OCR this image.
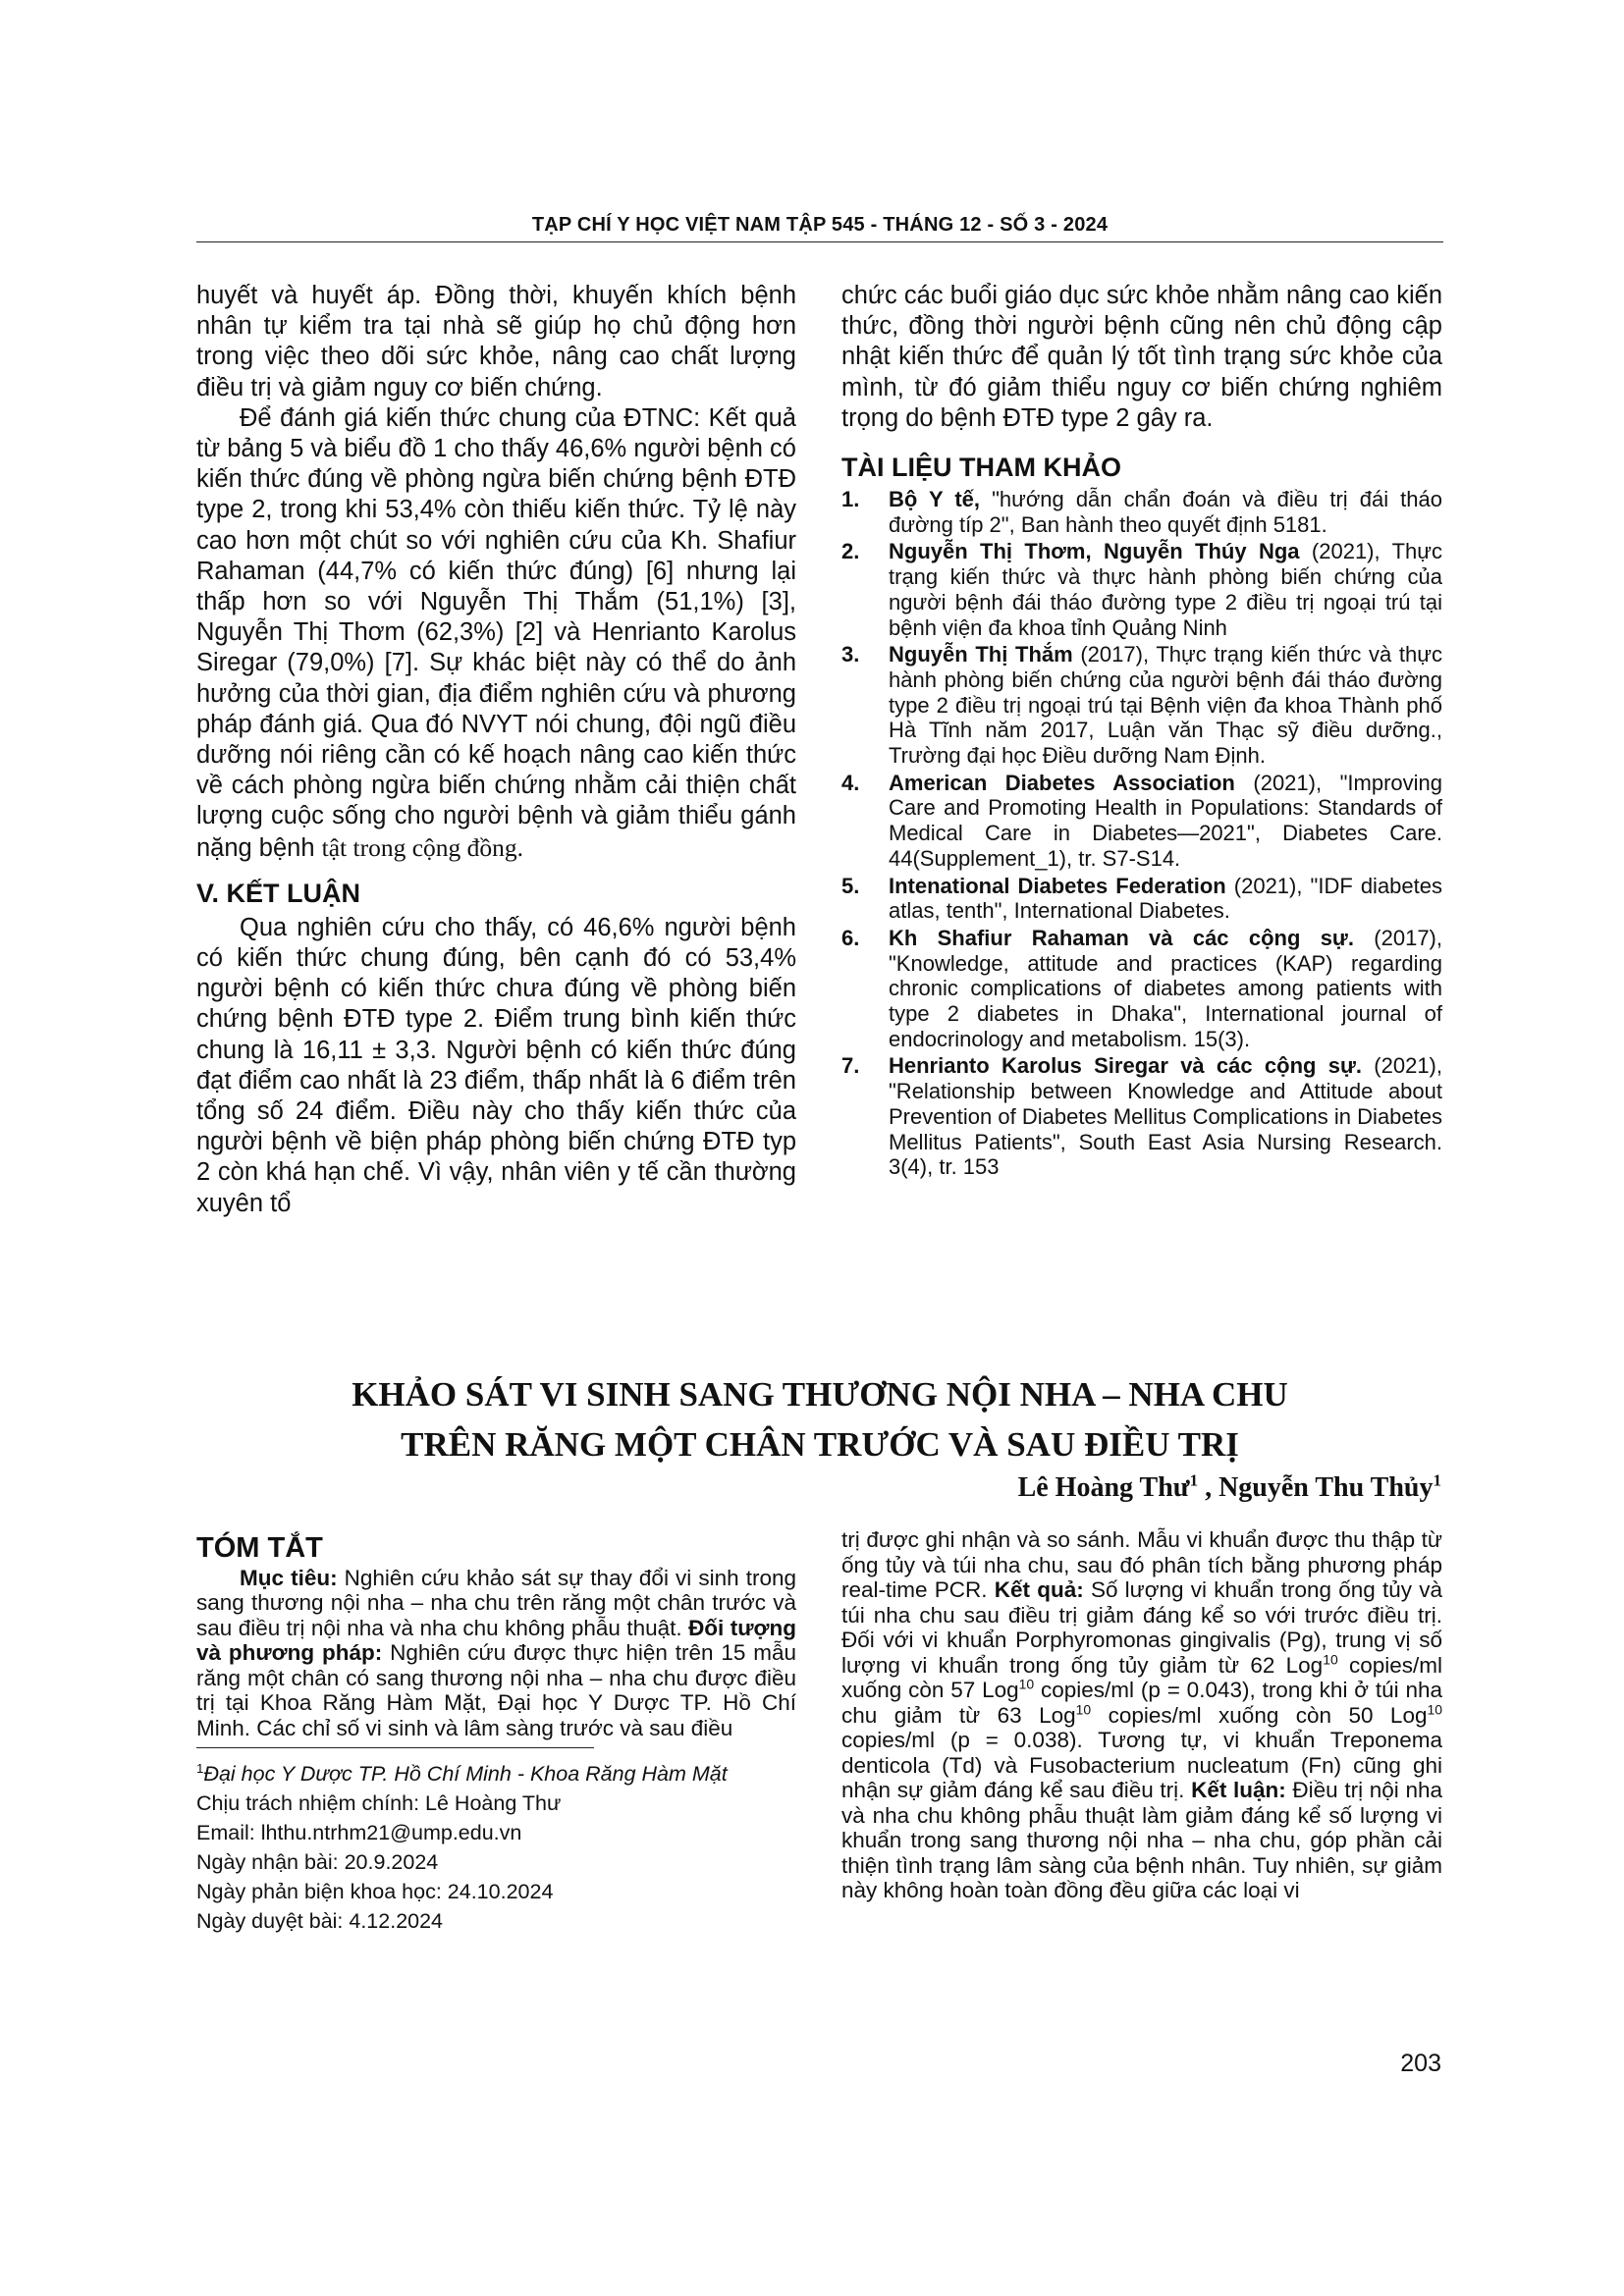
TẠP CHÍ Y HỌC VIỆT NAM TẬP 545 - THÁNG 12 - SỐ 3 - 2024

huyết và huyết áp. Đồng thời, khuyến khích bệnh nhân tự kiểm tra tại nhà sẽ giúp họ chủ động hơn trong việc theo dõi sức khỏe, nâng cao chất lượng điều trị và giảm nguy cơ biến chứng.

Để đánh giá kiến thức chung của ĐTNC: Kết quả từ bảng 5 và biểu đồ 1 cho thấy 46,6% người bệnh có kiến thức đúng về phòng ngừa biến chứng bệnh ĐTĐ type 2, trong khi 53,4% còn thiếu kiến thức. Tỷ lệ này cao hơn một chút so với nghiên cứu của Kh. Shafiur Rahaman (44,7% có kiến thức đúng) [6] nhưng lại thấp hơn so với Nguyễn Thị Thắm (51,1%) [3], Nguyễn Thị Thơm (62,3%) [2] và Henrianto Karolus Siregar (79,0%) [7]. Sự khác biệt này có thể do ảnh hưởng của thời gian, địa điểm nghiên cứu và phương pháp đánh giá. Qua đó NVYT nói chung, đội ngũ điều dưỡng nói riêng cần có kế hoạch nâng cao kiến thức về cách phòng ngừa biến chứng nhằm cải thiện chất lượng cuộc sống cho người bệnh và giảm thiểu gánh nặng bệnh tật trong cộng đồng.

V. KẾT LUẬN

Qua nghiên cứu cho thấy, có 46,6% người bệnh có kiến thức chung đúng, bên cạnh đó có 53,4% người bệnh có kiến thức chưa đúng về phòng biến chứng bệnh ĐTĐ type 2. Điểm trung bình kiến thức chung là 16,11 ± 3,3. Người bệnh có kiến thức đúng đạt điểm cao nhất là 23 điểm, thấp nhất là 6 điểm trên tổng số 24 điểm. Điều này cho thấy kiến thức của người bệnh về biện pháp phòng biến chứng ĐTĐ typ 2 còn khá hạn chế. Vì vậy, nhân viên y tế cần thường xuyên tổ

chức các buổi giáo dục sức khỏe nhằm nâng cao kiến thức, đồng thời người bệnh cũng nên chủ động cập nhật kiến thức để quản lý tốt tình trạng sức khỏe của mình, từ đó giảm thiểu nguy cơ biến chứng nghiêm trọng do bệnh ĐTĐ type 2 gây ra.

TÀI LIỆU THAM KHẢO
1. Bộ Y tế, "hướng dẫn chẩn đoán và điều trị đái tháo đường típ 2", Ban hành theo quyết định 5181.
2. Nguyễn Thị Thơm, Nguyễn Thúy Nga (2021), Thực trạng kiến thức và thực hành phòng biến chứng của người bệnh đái tháo đường type 2 điều trị ngoại trú tại bệnh viện đa khoa tỉnh Quảng Ninh
3. Nguyễn Thị Thắm (2017), Thực trạng kiến thức và thực hành phòng biến chứng của người bệnh đái tháo đường type 2 điều trị ngoại trú tại Bệnh viện đa khoa Thành phố Hà Tĩnh năm 2017, Luận văn Thạc sỹ điều dưỡng., Trường đại học Điều dưỡng Nam Định.
4. American Diabetes Association (2021), "Improving Care and Promoting Health in Populations: Standards of Medical Care in Diabetes—2021", Diabetes Care. 44(Supplement_1), tr. S7-S14.
5. Intenational Diabetes Federation (2021), "IDF diabetes atlas, tenth", International Diabetes.
6. Kh Shafiur Rahaman và các cộng sự. (2017), "Knowledge, attitude and practices (KAP) regarding chronic complications of diabetes among patients with type 2 diabetes in Dhaka", International journal of endocrinology and metabolism. 15(3).
7. Henrianto Karolus Siregar và các cộng sự. (2021), "Relationship between Knowledge and Attitude about Prevention of Diabetes Mellitus Complications in Diabetes Mellitus Patients", South East Asia Nursing Research. 3(4), tr. 153
KHẢO SÁT VI SINH SANG THƯƠNG NỘI NHA – NHA CHU
TRÊN RĂNG MỘT CHÂN TRƯỚC VÀ SAU ĐIỀU TRỊ
Lê Hoàng Thư$^1$ , Nguyễn Thu Thủy$^1$
TÓM TẮT

Mục tiêu: Nghiên cứu khảo sát sự thay đổi vi sinh trong sang thương nội nha – nha chu trên răng một chân trước và sau điều trị nội nha và nha chu không phẫu thuật. Đối tượng và phương pháp: Nghiên cứu được thực hiện trên 15 mẫu răng một chân có sang thương nội nha – nha chu được điều trị tại Khoa Răng Hàm Mặt, Đại học Y Dược TP. Hồ Chí Minh. Các chỉ số vi sinh và lâm sàng trước và sau điều

trị được ghi nhận và so sánh. Mẫu vi khuẩn được thu thập từ ống tủy và túi nha chu, sau đó phân tích bằng phương pháp real-time PCR. Kết quả: Số lượng vi khuẩn trong ống tủy và túi nha chu sau điều trị giảm đáng kể so với trước điều trị. Đối với vi khuẩn Porphyromonas gingivalis (Pg), trung vị số lượng vi khuẩn trong ống tủy giảm từ 62 Log$^{10}$ copies/ml xuống còn 57 Log$^{10}$ copies/ml (p = 0.043), trong khi ở túi nha chu giảm từ 63 Log$^{10}$ copies/ml xuống còn 50 Log$^{10}$ copies/ml (p = 0.038). Tương tự, vi khuẩn Treponema denticola (Td) và Fusobacterium nucleatum (Fn) cũng ghi nhận sự giảm đáng kể sau điều trị. Kết luận: Điều trị nội nha và nha chu không phẫu thuật làm giảm đáng kể số lượng vi khuẩn trong sang thương nội nha – nha chu, góp phần cải thiện tình trạng lâm sàng của bệnh nhân. Tuy nhiên, sự giảm này không hoàn toàn đồng đều giữa các loại vi

$^1$Đại học Y Dược TP. Hồ Chí Minh - Khoa Răng Hàm Mặt
Chịu trách nhiệm chính: Lê Hoàng Thư
Email: lhthu.ntrhm21@ump.edu.vn
Ngày nhận bài: 20.9.2024
Ngày phản biện khoa học: 24.10.2024
Ngày duyệt bài: 4.12.2024
203
